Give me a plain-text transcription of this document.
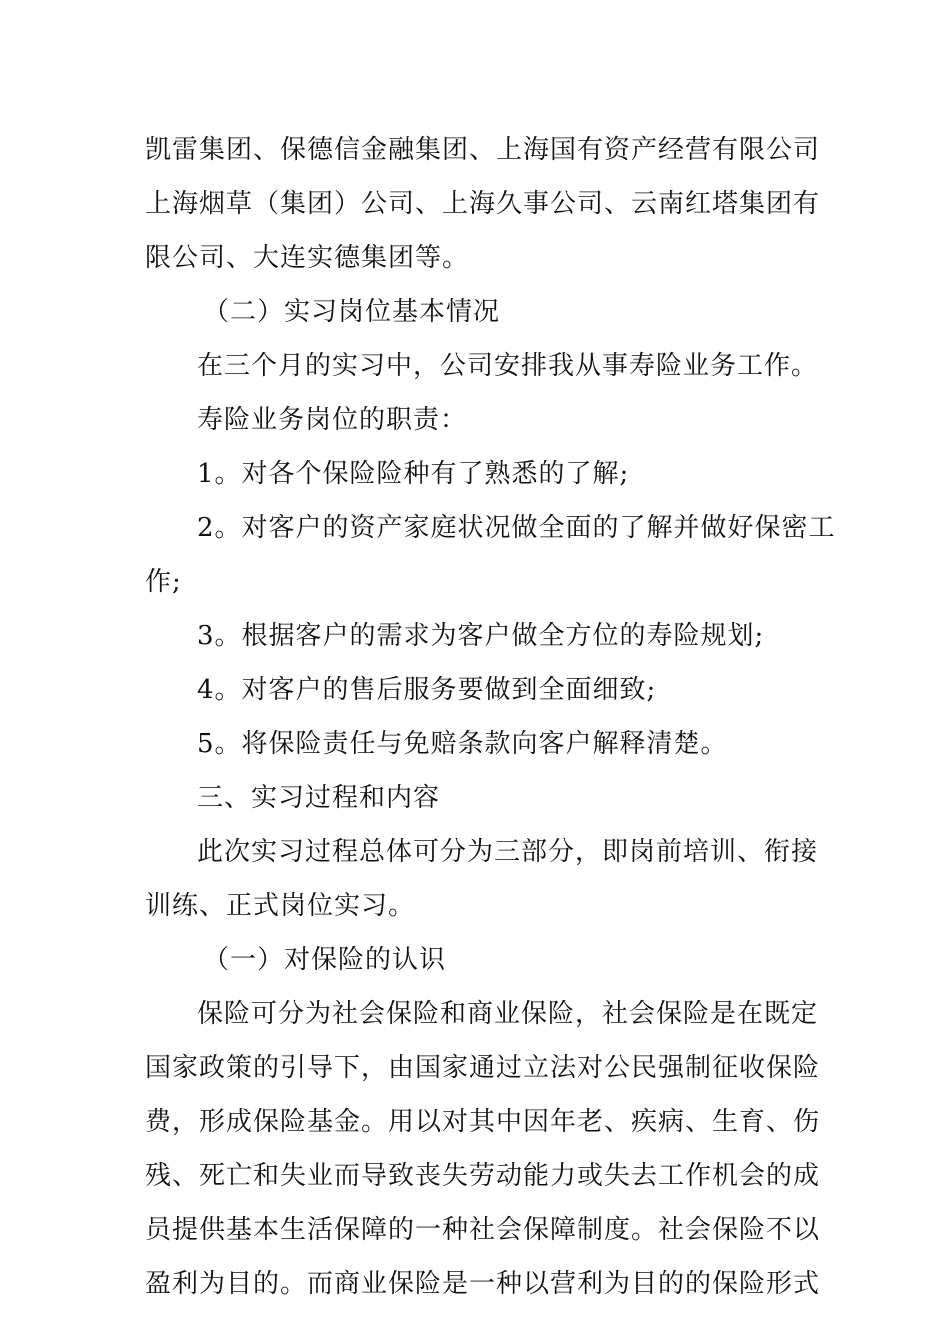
凯雷集团、保德信金融集团、上海国有资产经营有限公司
上海烟草（集团）公司、上海久事公司、云南红塔集团有
限公司、大连实德集团等。
（二）实习岗位基本情况
在三个月的实习中，公司安排我从事寿险业务工作。
寿险业务岗位的职责：
1。对各个保险险种有了熟悉的了解;
2。对客户的资产家庭状况做全面的了解并做好保密工
作;
3。根据客户的需求为客户做全方位的寿险规划;
4。对客户的售后服务要做到全面细致;
5。将保险责任与免赔条款向客户解释清楚。
三、实习过程和内容
此次实习过程总体可分为三部分，即岗前培训、衔接
训练、正式岗位实习。
（一）对保险的认识
保险可分为社会保险和商业保险，社会保险是在既定
国家政策的引导下，由国家通过立法对公民强制征收保险
费，形成保险基金。用以对其中因年老、疾病、生育、伤
残、死亡和失业而导致丧失劳动能力或失去工作机会的成
员提供基本生活保障的一种社会保障制度。社会保险不以
盈利为目的。而商业保险是一种以营利为目的的保险形式
